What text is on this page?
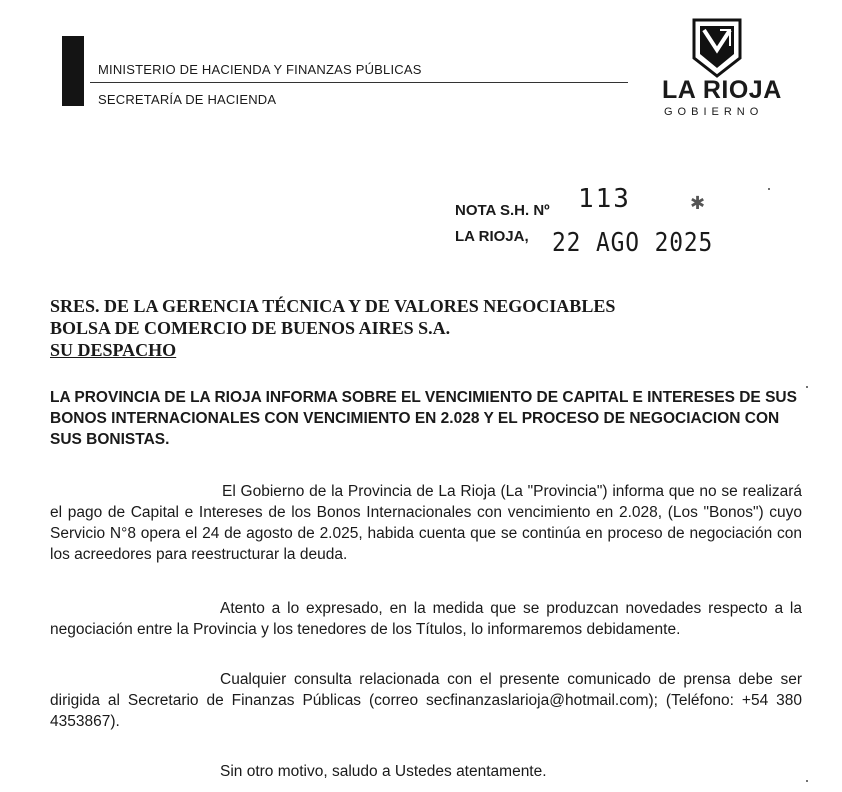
MINISTERIO DE HACIENDA Y FINANZAS PÚBLICAS
SECRETARÍA DE HACIENDA	LA RIOJA
GOBIERNO
NOTA S.H. Nº 113	✱
LA RIOJA, 22 AGO 2025
SRES. DE LA GERENCIA TÉCNICA Y DE VALORES NEGOCIABLES
BOLSA DE COMERCIO DE BUENOS AIRES S.A.
SU DESPACHO
LA PROVINCIA DE LA RIOJA INFORMA SOBRE EL VENCIMIENTO DE CAPITAL E INTERESES DE SUS BONOS INTERNACIONALES CON VENCIMIENTO EN 2.028 Y EL PROCESO DE NEGOCIACION CON SUS BONISTAS.
El Gobierno de la Provincia de La Rioja (La "Provincia") informa que no se realizará el pago de Capital e Intereses de los Bonos Internacionales con vencimiento en 2.028, (Los "Bonos") cuyo Servicio N°8 opera el 24 de agosto de 2.025, habida cuenta que se continúa en proceso de negociación con los acreedores para reestructurar la deuda.
Atento a lo expresado, en la medida que se produzcan novedades respecto a la negociación entre la Provincia y los tenedores de los Títulos, lo informaremos debidamente.
Cualquier consulta relacionada con el presente comunicado de prensa debe ser dirigida al Secretario de Finanzas Públicas (correo secfinanzaslarioja@hotmail.com); (Teléfono: +54 380 4353867).
Sin otro motivo, saludo a Ustedes atentamente.
